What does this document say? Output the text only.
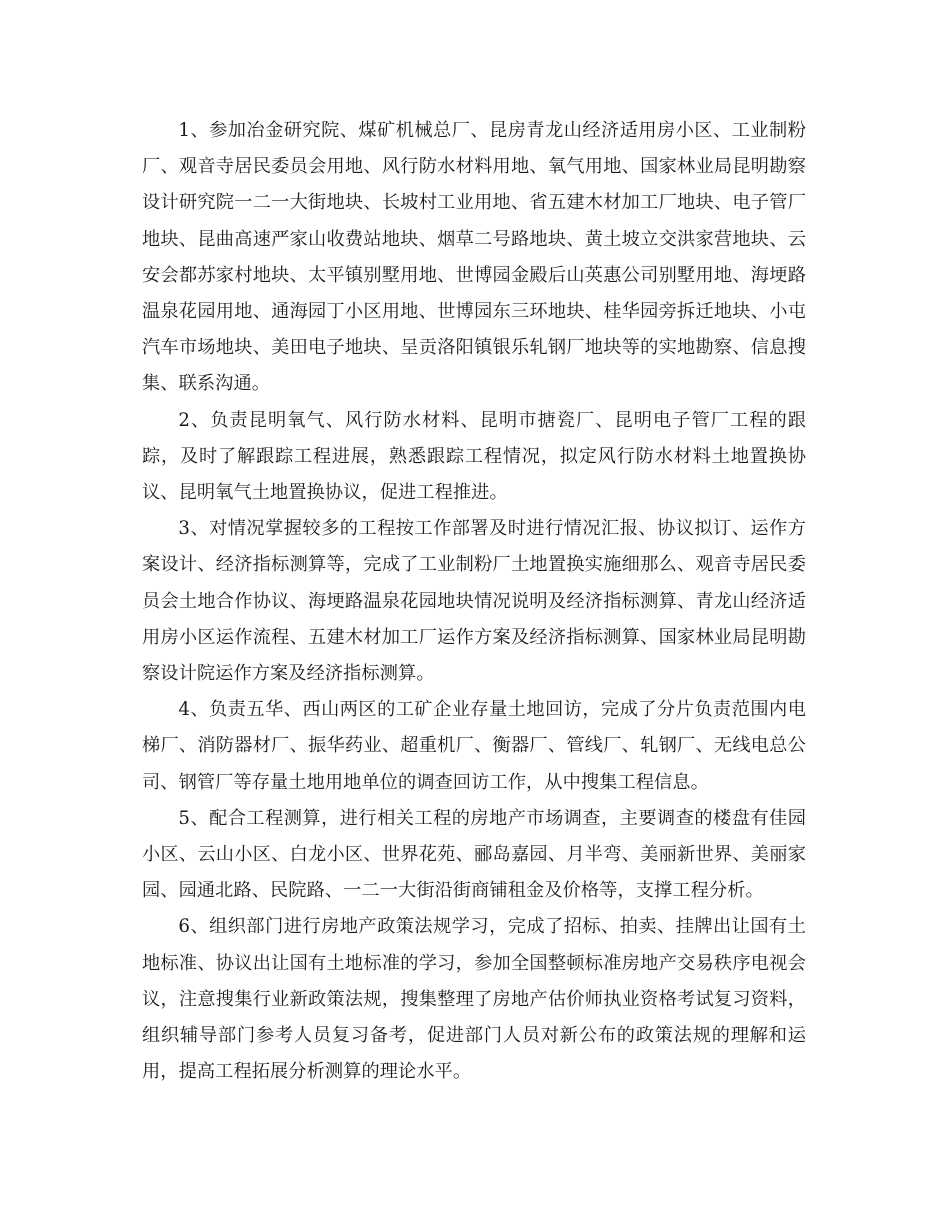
1、参加冶金研究院、煤矿机械总厂、昆房青龙山经济适用房小区、工业制粉厂、观音寺居民委员会用地、风行防水材料用地、氧气用地、国家林业局昆明勘察设计研究院一二一大街地块、长坡村工业用地、省五建木材加工厂地块、电子管厂地块、昆曲高速严家山收费站地块、烟草二号路地块、黄土坡立交洪家营地块、云安会都苏家村地块、太平镇别墅用地、世博园金殿后山英惠公司别墅用地、海埂路温泉花园用地、通海园丁小区用地、世博园东三环地块、桂华园旁拆迁地块、小屯汽车市场地块、美田电子地块、呈贡洛阳镇银乐轧钢厂地块等的实地勘察、信息搜集、联系沟通。

2、负责昆明氧气、风行防水材料、昆明市搪瓷厂、昆明电子管厂工程的跟踪，及时了解跟踪工程进展，熟悉跟踪工程情况，拟定风行防水材料土地置换协议、昆明氧气土地置换协议，促进工程推进。

3、对情况掌握较多的工程按工作部署及时进行情况汇报、协议拟订、运作方案设计、经济指标测算等，完成了工业制粉厂土地置换实施细那么、观音寺居民委员会土地合作协议、海埂路温泉花园地块情况说明及经济指标测算、青龙山经济适用房小区运作流程、五建木材加工厂运作方案及经济指标测算、国家林业局昆明勘察设计院运作方案及经济指标测算。

4、负责五华、西山两区的工矿企业存量土地回访，完成了分片负责范围内电梯厂、消防器材厂、振华药业、超重机厂、衡器厂、管线厂、轧钢厂、无线电总公司、钢管厂等存量土地用地单位的调查回访工作，从中搜集工程信息。

5、配合工程测算，进行相关工程的房地产市场调查，主要调查的楼盘有佳园小区、云山小区、白龙小区、世界花苑、郦岛嘉园、月半弯、美丽新世界、美丽家园、园通北路、民院路、一二一大街沿街商铺租金及价格等，支撑工程分析。

6、组织部门进行房地产政策法规学习，完成了招标、拍卖、挂牌出让国有土地标准、协议出让国有土地标准的学习，参加全国整顿标准房地产交易秩序电视会议，注意搜集行业新政策法规，搜集整理了房地产估价师执业资格考试复习资料，组织辅导部门参考人员复习备考，促进部门人员对新公布的政策法规的理解和运用，提高工程拓展分析测算的理论水平。
